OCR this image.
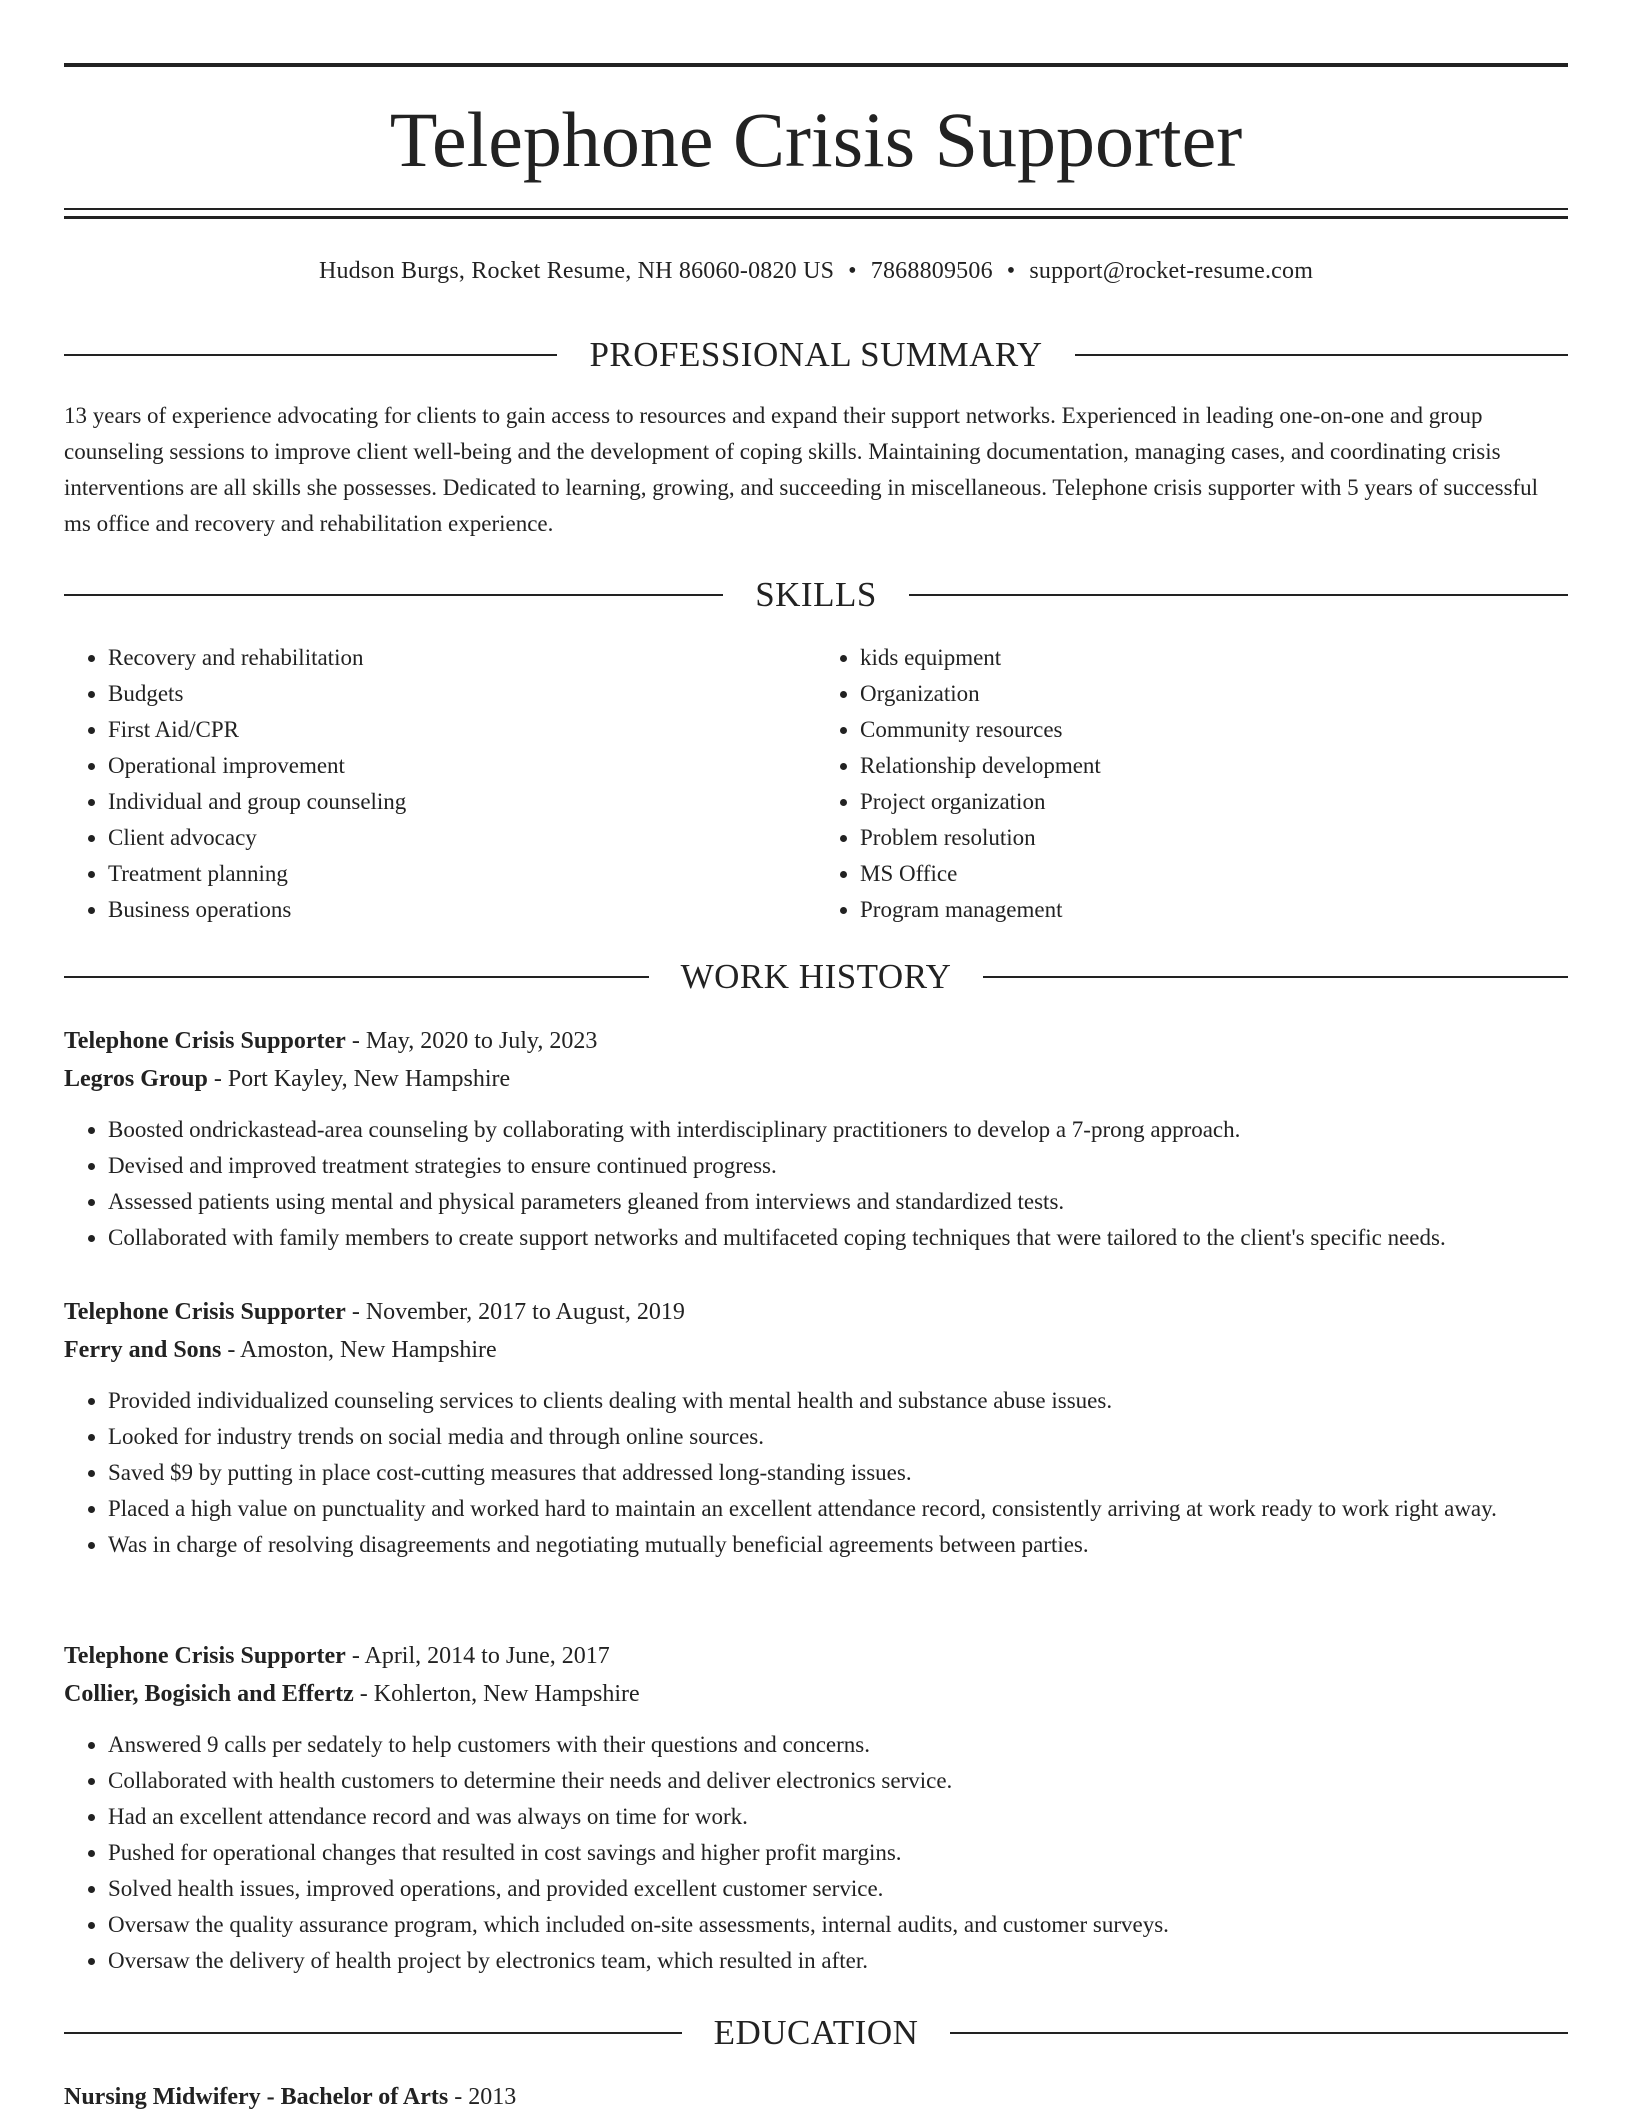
Telephone Crisis Supporter
Hudson Burgs, Rocket Resume, NH 86060-0820 US • 7868809506 • support@rocket-resume.com
PROFESSIONAL SUMMARY

13 years of experience advocating for clients to gain access to resources and expand their support networks. Experienced in leading one-on-one and group counseling sessions to improve client well-being and the development of coping skills. Maintaining documentation, managing cases, and coordinating crisis interventions are all skills she possesses. Dedicated to learning, growing, and succeeding in miscellaneous. Telephone crisis supporter with 5 years of successful ms office and recovery and rehabilitation experience.

SKILLS
• Recovery and rehabilitation
• Budgets
• First Aid/CPR
• Operational improvement
• Individual and group counseling
• Client advocacy
• Treatment planning
• Business operations
• kids equipment
• Organization
• Community resources
• Relationship development
• Project organization
• Problem resolution
• MS Office
• Program management
WORK HISTORY

Telephone Crisis Supporter - May, 2020 to July, 2023

Legros Group - Port Kayley, New Hampshire

• Boosted ondrickastead-area counseling by collaborating with interdisciplinary practitioners to develop a 7-prong approach.
• Devised and improved treatment strategies to ensure continued progress.
• Assessed patients using mental and physical parameters gleaned from interviews and standardized tests.
• Collaborated with family members to create support networks and multifaceted coping techniques that were tailored to the client's specific needs.

Telephone Crisis Supporter - November, 2017 to August, 2019

Ferry and Sons - Amoston, New Hampshire

• Provided individualized counseling services to clients dealing with mental health and substance abuse issues.
• Looked for industry trends on social media and through online sources.
• Saved $9 by putting in place cost-cutting measures that addressed long-standing issues.
• Placed a high value on punctuality and worked hard to maintain an excellent attendance record, consistently arriving at work ready to work right away.
• Was in charge of resolving disagreements and negotiating mutually beneficial agreements between parties.

Telephone Crisis Supporter - April, 2014 to June, 2017

Collier, Bogisich and Effertz - Kohlerton, New Hampshire

• Answered 9 calls per sedately to help customers with their questions and concerns.
• Collaborated with health customers to determine their needs and deliver electronics service.
• Had an excellent attendance record and was always on time for work.
• Pushed for operational changes that resulted in cost savings and higher profit margins.
• Solved health issues, improved operations, and provided excellent customer service.
• Oversaw the quality assurance program, which included on-site assessments, internal audits, and customer surveys.
• Oversaw the delivery of health project by electronics team, which resulted in after.
EDUCATION

Nursing Midwifery - Bachelor of Arts - 2013
